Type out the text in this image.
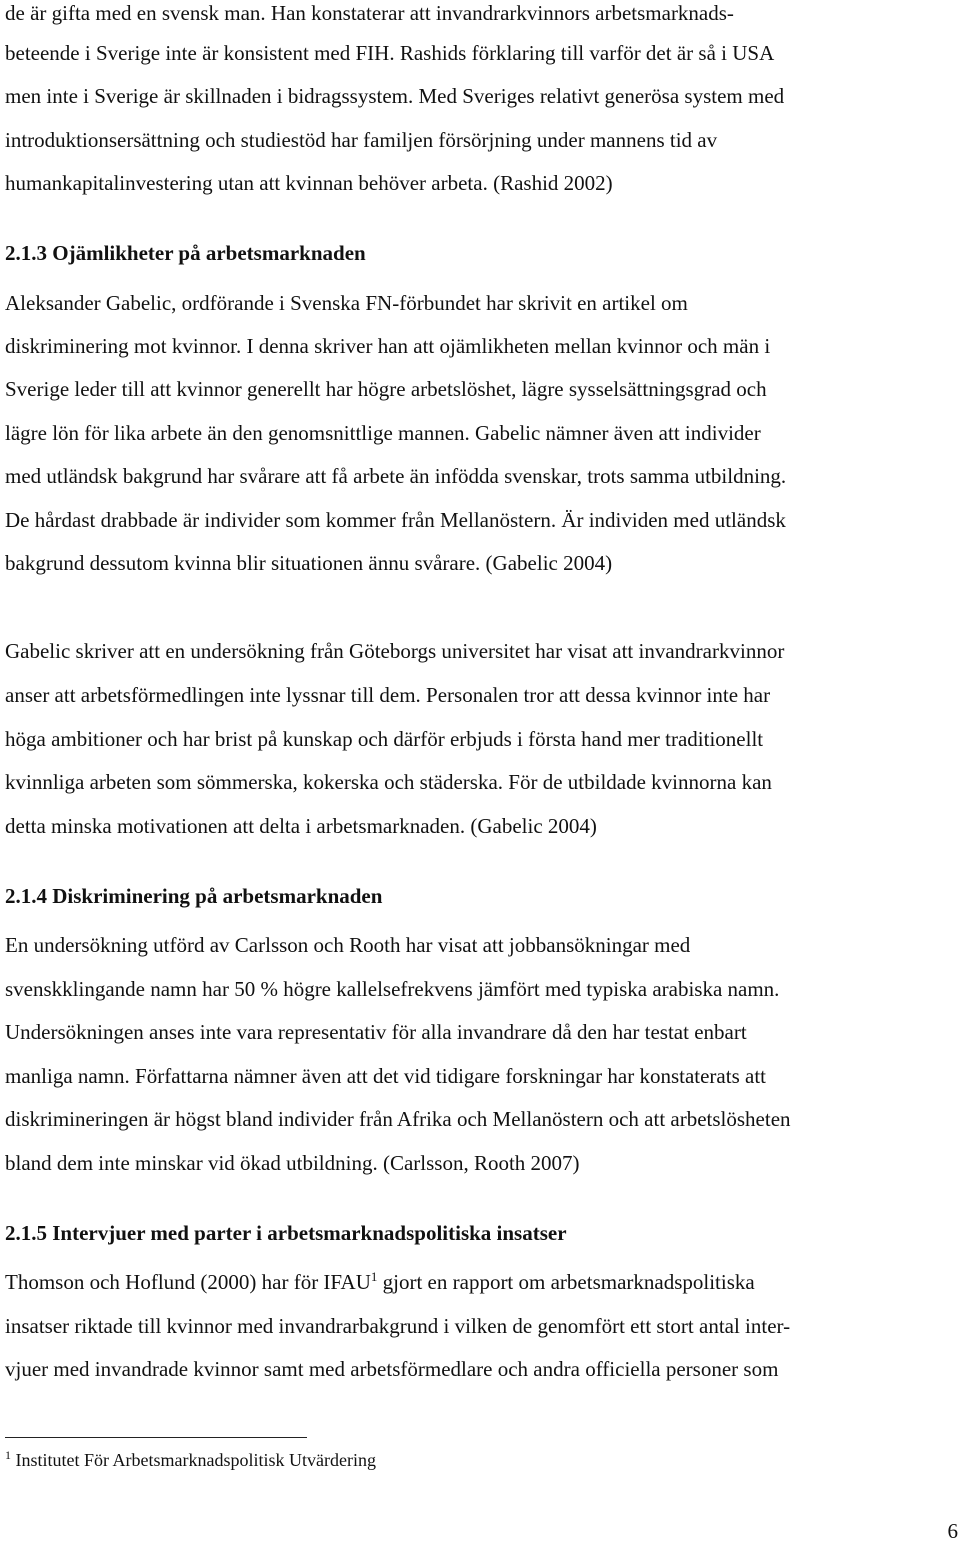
de är gifta med en svensk man. Han konstaterar att invandrarkvinnors arbetsmarknads-
beteende i Sverige inte är konsistent med FIH. Rashids förklaring till varför det är så i USA
men inte i Sverige är skillnaden i bidragssystem. Med Sveriges relativt generösa system med
introduktionsersättning och studiestöd har familjen försörjning under mannens tid av
humankapitalinvestering utan att kvinnan behöver arbeta. (Rashid 2002)
2.1.3 Ojämlikheter på arbetsmarknaden
Aleksander Gabelic, ordförande i Svenska FN-förbundet har skrivit en artikel om
diskriminering mot kvinnor. I denna skriver han att ojämlikheten mellan kvinnor och män i
Sverige leder till att kvinnor generellt har högre arbetslöshet, lägre sysselsättningsgrad och
lägre lön för lika arbete än den genomsnittlige mannen. Gabelic nämner även att individer
med utländsk bakgrund har svårare att få arbete än infödda svenskar, trots samma utbildning.
De hårdast drabbade är individer som kommer från Mellanöstern. Är individen med utländsk
bakgrund dessutom kvinna blir situationen ännu svårare. (Gabelic 2004)
Gabelic skriver att en undersökning från Göteborgs universitet har visat att invandrarkvinnor
anser att arbetsförmedlingen inte lyssnar till dem. Personalen tror att dessa kvinnor inte har
höga ambitioner och har brist på kunskap och därför erbjuds i första hand mer traditionellt
kvinnliga arbeten som sömmerska, kokerska och städerska. För de utbildade kvinnorna kan
detta minska motivationen att delta i arbetsmarknaden. (Gabelic 2004)
2.1.4 Diskriminering på arbetsmarknaden
En undersökning utförd av Carlsson och Rooth har visat att jobbansökningar med
svenskklingande namn har 50 % högre kallelsefrekvens jämfört med typiska arabiska namn.
Undersökningen anses inte vara representativ för alla invandrare då den har testat enbart
manliga namn. Författarna nämner även att det vid tidigare forskningar har konstaterats att
diskrimineringen är högst bland individer från Afrika och Mellanöstern och att arbetslösheten
bland dem inte minskar vid ökad utbildning. (Carlsson, Rooth 2007)
2.1.5 Intervjuer med parter i arbetsmarknadspolitiska insatser
Thomson och Hoflund (2000) har för IFAU$^1$ gjort en rapport om arbetsmarknadspolitiska
insatser riktade till kvinnor med invandrarbakgrund i vilken de genomfört ett stort antal inter-
vjuer med invandrade kvinnor samt med arbetsförmedlare och andra officiella personer som
$^1$ Institutet För Arbetsmarknadspolitisk Utvärdering
6
